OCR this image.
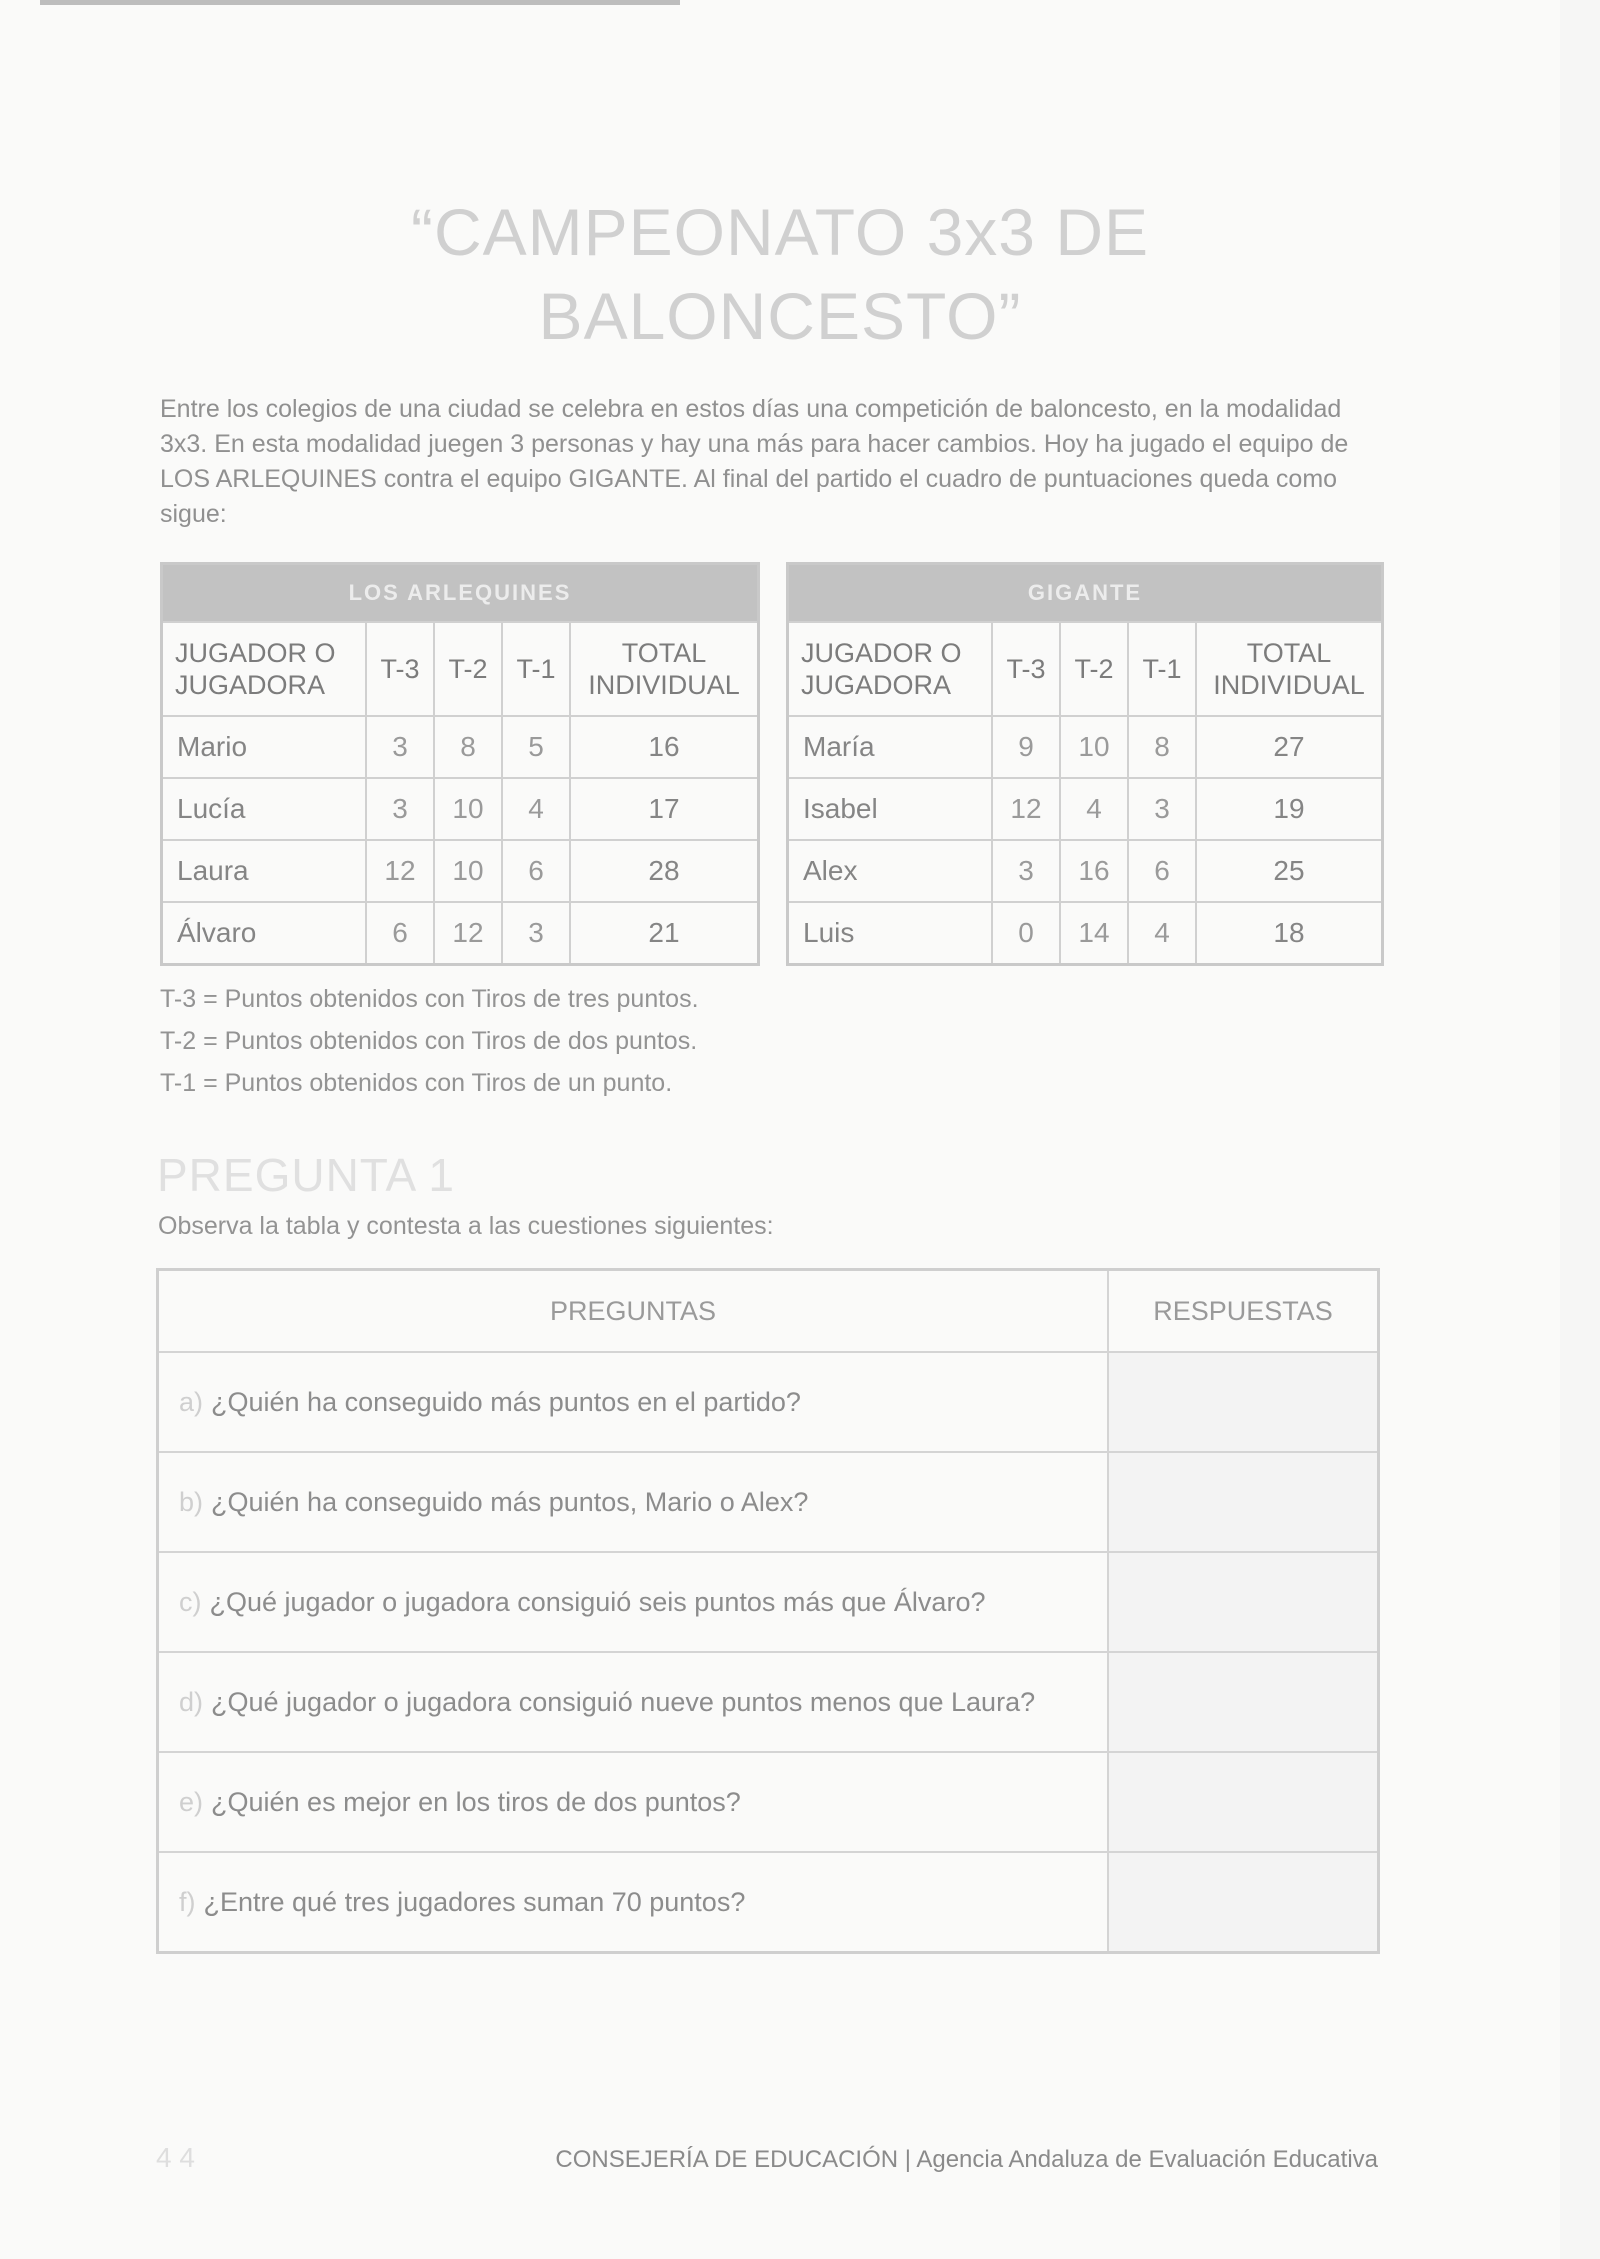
“CAMPEONATO 3x3 DE
BALONCESTO”
Entre los colegios de una ciudad se celebra en estos días una competición de baloncesto, en la modalidad 3x3. En esta modalidad juegen 3 personas y hay una más para hacer cambios. Hoy ha jugado el equipo de LOS ARLEQUINES contra el equipo GIGANTE. Al final del partido el cuadro de puntuaciones queda como sigue:
LOS ARLEQUINES				
JUGADOR O JUGADORA	T-3	T-2	T-1	TOTAL INDIVIDUAL
Mario	3	8	5	16
Lucía	3	10	4	17
Laura	12	10	6	28
Álvaro	6	12	3	21
GIGANTE				
JUGADOR O JUGADORA	T-3	T-2	T-1	TOTAL INDIVIDUAL
María	9	10	8	27
Isabel	12	4	3	19
Alex	3	16	6	25
Luis	0	14	4	18
T-3 = Puntos obtenidos con Tiros de tres puntos.
T-2 = Puntos obtenidos con Tiros de dos puntos.
T-1 = Puntos obtenidos con Tiros de un punto.
PREGUNTA 1
Observa la tabla y contesta a las cuestiones siguientes:
PREGUNTAS	RESPUESTAS
a) ¿Quién ha conseguido más puntos en el partido?	
b) ¿Quién ha conseguido más puntos, Mario o Alex?	
c) ¿Qué jugador o jugadora consiguió seis puntos más que Álvaro?	
d) ¿Qué jugador o jugadora consiguió nueve puntos menos que Laura?	
e) ¿Quién es mejor en los tiros de dos puntos?	
f) ¿Entre qué tres jugadores suman 70 puntos?	
4 4	CONSEJERÍA DE EDUCACIÓN | Agencia Andaluza de Evaluación Educativa
